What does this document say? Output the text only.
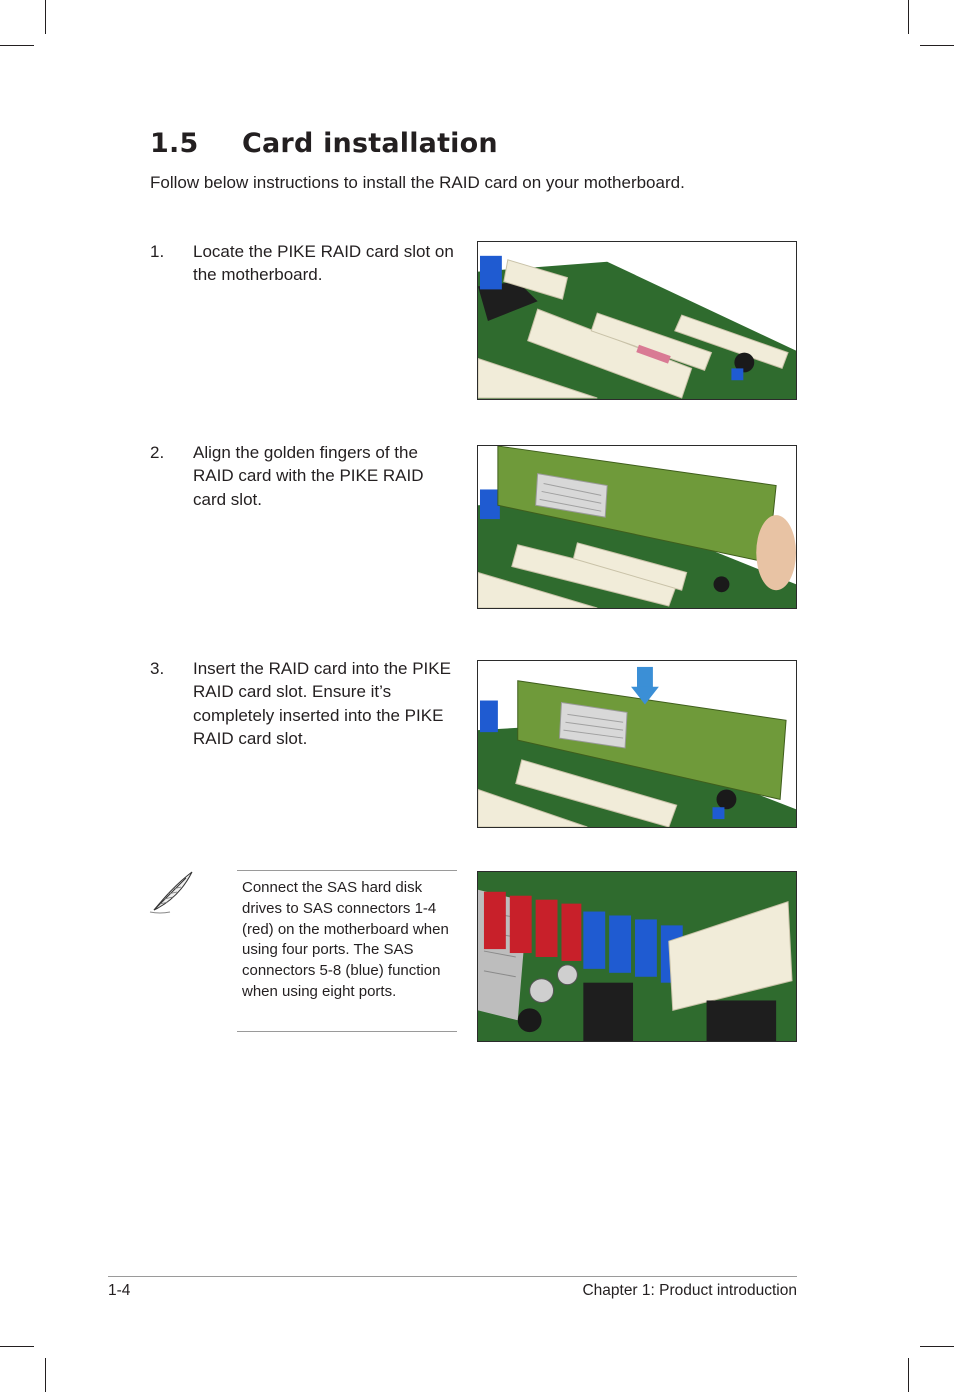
1.5 Card installation

Follow below instructions to install the RAID card on your motherboard.

1. Locate the PIKE RAID card slot on the motherboard.
2. Align the golden fingers of the RAID card with the PIKE RAID card slot.
3. Insert the RAID card into the PIKE RAID card slot. Ensure it’s completely inserted into the PIKE RAID card slot.
Connect the SAS hard disk drives to SAS connectors 1-4 (red) on the motherboard when using four ports. The SAS connectors 5-8 (blue) function when using eight ports.
1-4	Chapter 1: Product introduction
